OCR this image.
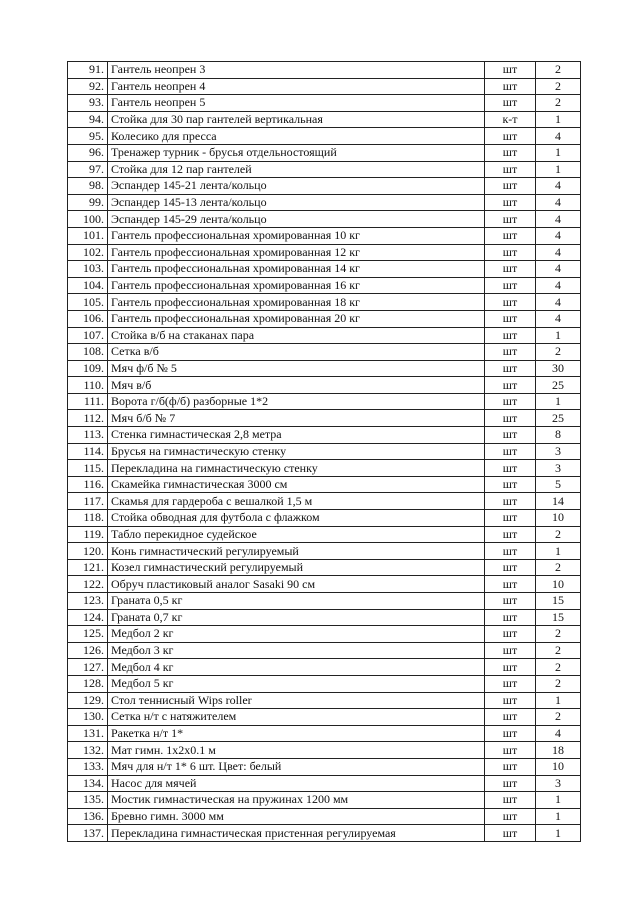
91.	Гантель неопрен 3	шт	2
92.	Гантель неопрен 4	шт	2
93.	Гантель неопрен 5	шт	2
94.	Стойка для 30 пар гантелей вертикальная	к-т	1
95.	Колесико для пресса	шт	4
96.	Тренажер турник - брусья отдельностоящий	шт	1
97.	Стойка для 12 пар гантелей	шт	1
98.	Эспандер 145-21 лента/кольцо	шт	4
99.	Эспандер 145-13 лента/кольцо	шт	4
100.	Эспандер 145-29 лента/кольцо	шт	4
101.	Гантель профессиональная хромированная 10 кг	шт	4
102.	Гантель профессиональная хромированная 12 кг	шт	4
103.	Гантель профессиональная хромированная 14 кг	шт	4
104.	Гантель профессиональная хромированная 16 кг	шт	4
105.	Гантель профессиональная хромированная 18 кг	шт	4
106.	Гантель профессиональная хромированная 20 кг	шт	4
107.	Стойка в/б на стаканах пара	шт	1
108.	Сетка в/б	шт	2
109.	Мяч ф/б № 5	шт	30
110.	Мяч в/б	шт	25
111.	Ворота г/б(ф/б) разборные 1*2	шт	1
112.	Мяч б/б № 7	шт	25
113.	Стенка гимнастическая 2,8 метра	шт	8
114.	Брусья на гимнастическую стенку	шт	3
115.	Перекладина на гимнастическую стенку	шт	3
116.	Скамейка гимнастическая 3000 см	шт	5
117.	Скамья для гардероба с вешалкой 1,5 м	шт	14
118.	Стойка обводная для футбола с флажком	шт	10
119.	Табло перекидное судейское	шт	2
120.	Конь гимнастический регулируемый	шт	1
121.	Козел гимнастический регулируемый	шт	2
122.	Обруч пластиковый аналог Sasaki 90 см	шт	10
123.	Граната 0,5 кг	шт	15
124.	Граната 0,7 кг	шт	15
125.	Медбол 2 кг	шт	2
126.	Медбол 3 кг	шт	2
127.	Медбол 4 кг	шт	2
128.	Медбол 5 кг	шт	2
129.	Стол теннисный Wips roller	шт	1
130.	Сетка н/т с натяжителем	шт	2
131.	Ракетка н/т 1*	шт	4
132.	Мат гимн. 1х2х0.1 м	шт	18
133.	Мяч для н/т 1* 6 шт. Цвет: белый	шт	10
134.	Насос для мячей	шт	3
135.	Мостик гимнастическая на пружинах 1200 мм	шт	1
136.	Бревно гимн. 3000 мм	шт	1
137.	Перекладина гимнастическая пристенная регулируемая	шт	1
